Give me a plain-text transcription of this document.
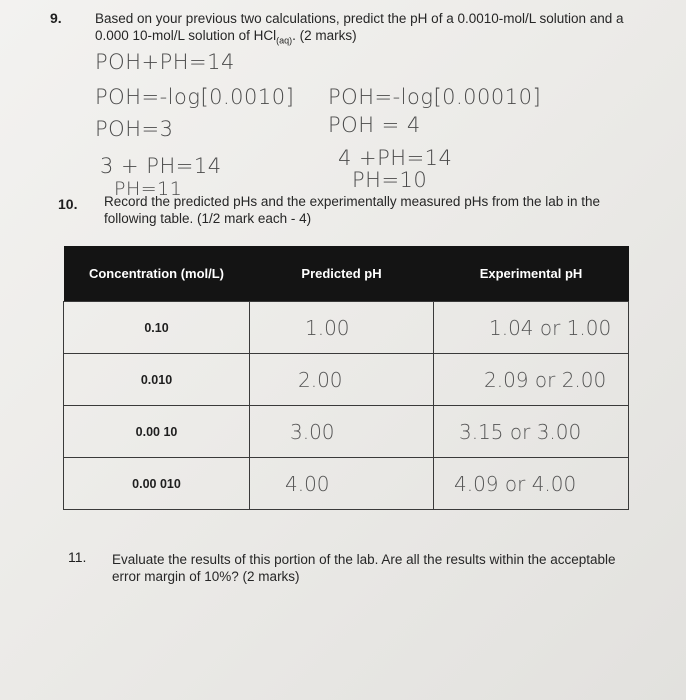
9. Based on your previous two calculations, predict the pH of a 0.0010-mol/L solution and a 0.000 10-mol/L solution of HCl$_{(aq)}$. (2 marks)
POH+PH=14
POH=-log[0.0010] POH=-log[0.00010]
POH=3	POH = 4
3 + PH=14	4 +PH=14
PH=11	PH=10
10. Record the predicted pHs and the experimentally measured pHs from the lab in the following table. (1/2 mark each - 4)
Concentration (mol/L)	Predicted pH	Experimental pH
0.10	1.00	1.04 or 1.00
0.010	2.00	2.09 or 2.00
0.00 10	3.00	3.15 or 3.00
0.00 010	4.00	4.09 or 4.00
11. Evaluate the results of this portion of the lab. Are all the results within the acceptable error margin of 10%? (2 marks)
